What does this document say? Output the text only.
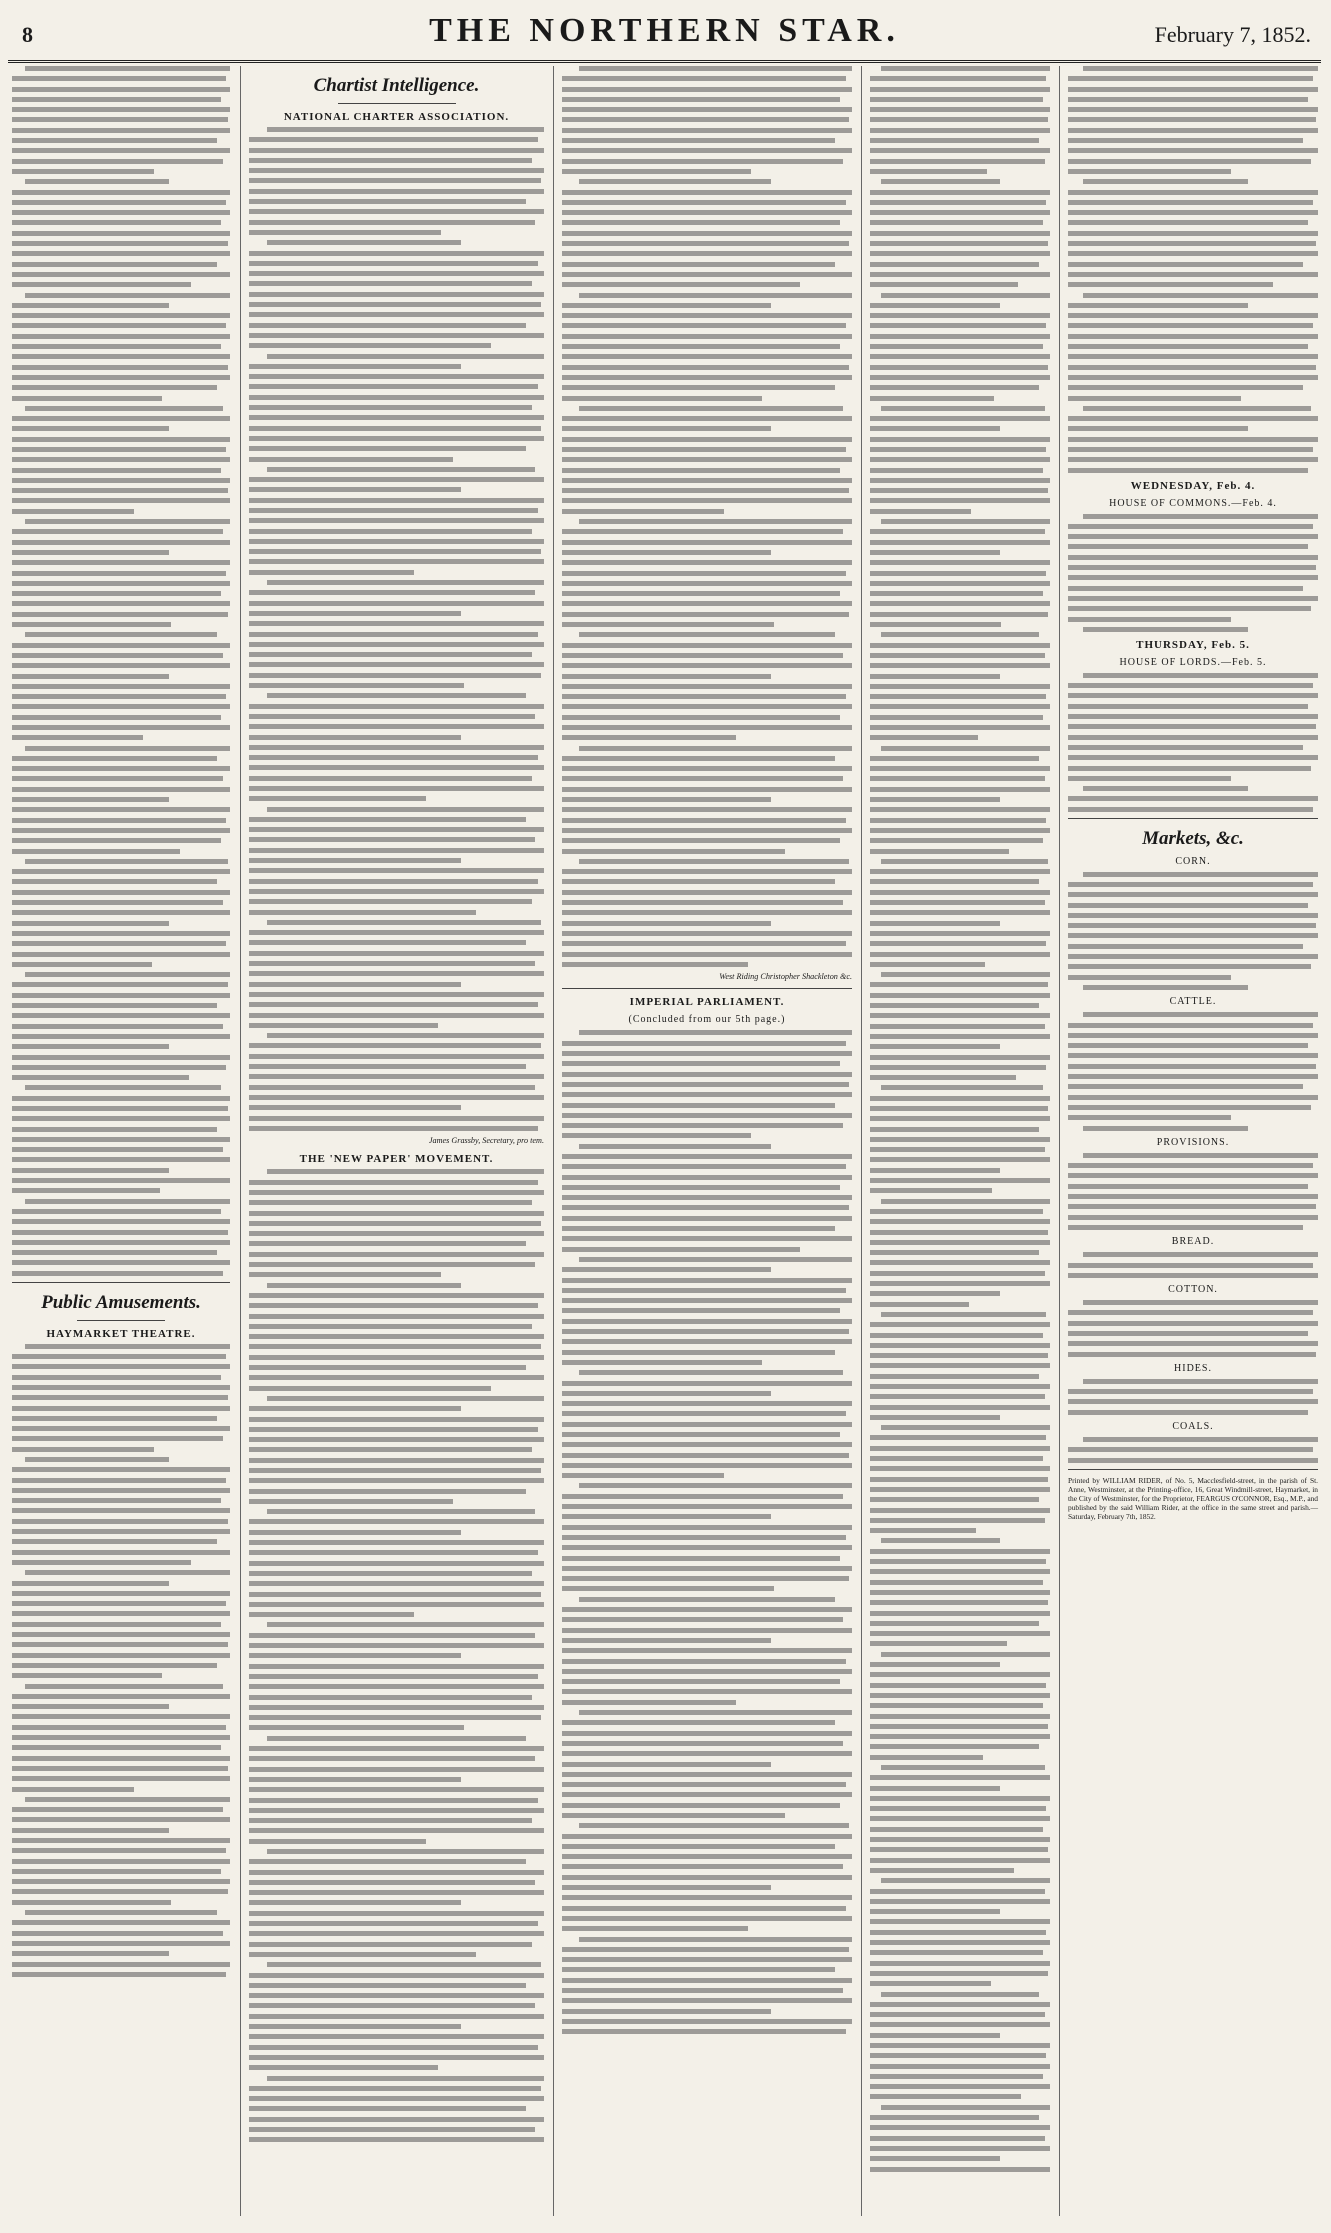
8	THE NORTHERN STAR.	February 7, 1852.
Public Amusements.
HAYMARKET THEATRE.
Chartist Intelligence.
NATIONAL CHARTER ASSOCIATION.
James Grassby, Secretary, pro tem.
THE 'NEW PAPER' MOVEMENT.
West Riding Christopher Shackleton &c.
IMPERIAL PARLIAMENT.
(Concluded from our 5th page.)
WEDNESDAY, Feb. 4.
HOUSE OF COMMONS.—Feb. 4.
THURSDAY, Feb. 5.
HOUSE OF LORDS.—Feb. 5.
Markets, &c.
CORN.
CATTLE.
PROVISIONS.
BREAD.
COTTON.
HIDES.
COALS.
Printed by WILLIAM RIDER, of No. 5, Macclesfield-street, in the parish of St. Anne, Westminster, at the Printing-office, 16, Great Windmill-street, Haymarket, in the City of Westminster, for the Proprietor, FEARGUS O'CONNOR, Esq., M.P., and published by the said William Rider, at the office in the same street and parish.—Saturday, February 7th, 1852.
